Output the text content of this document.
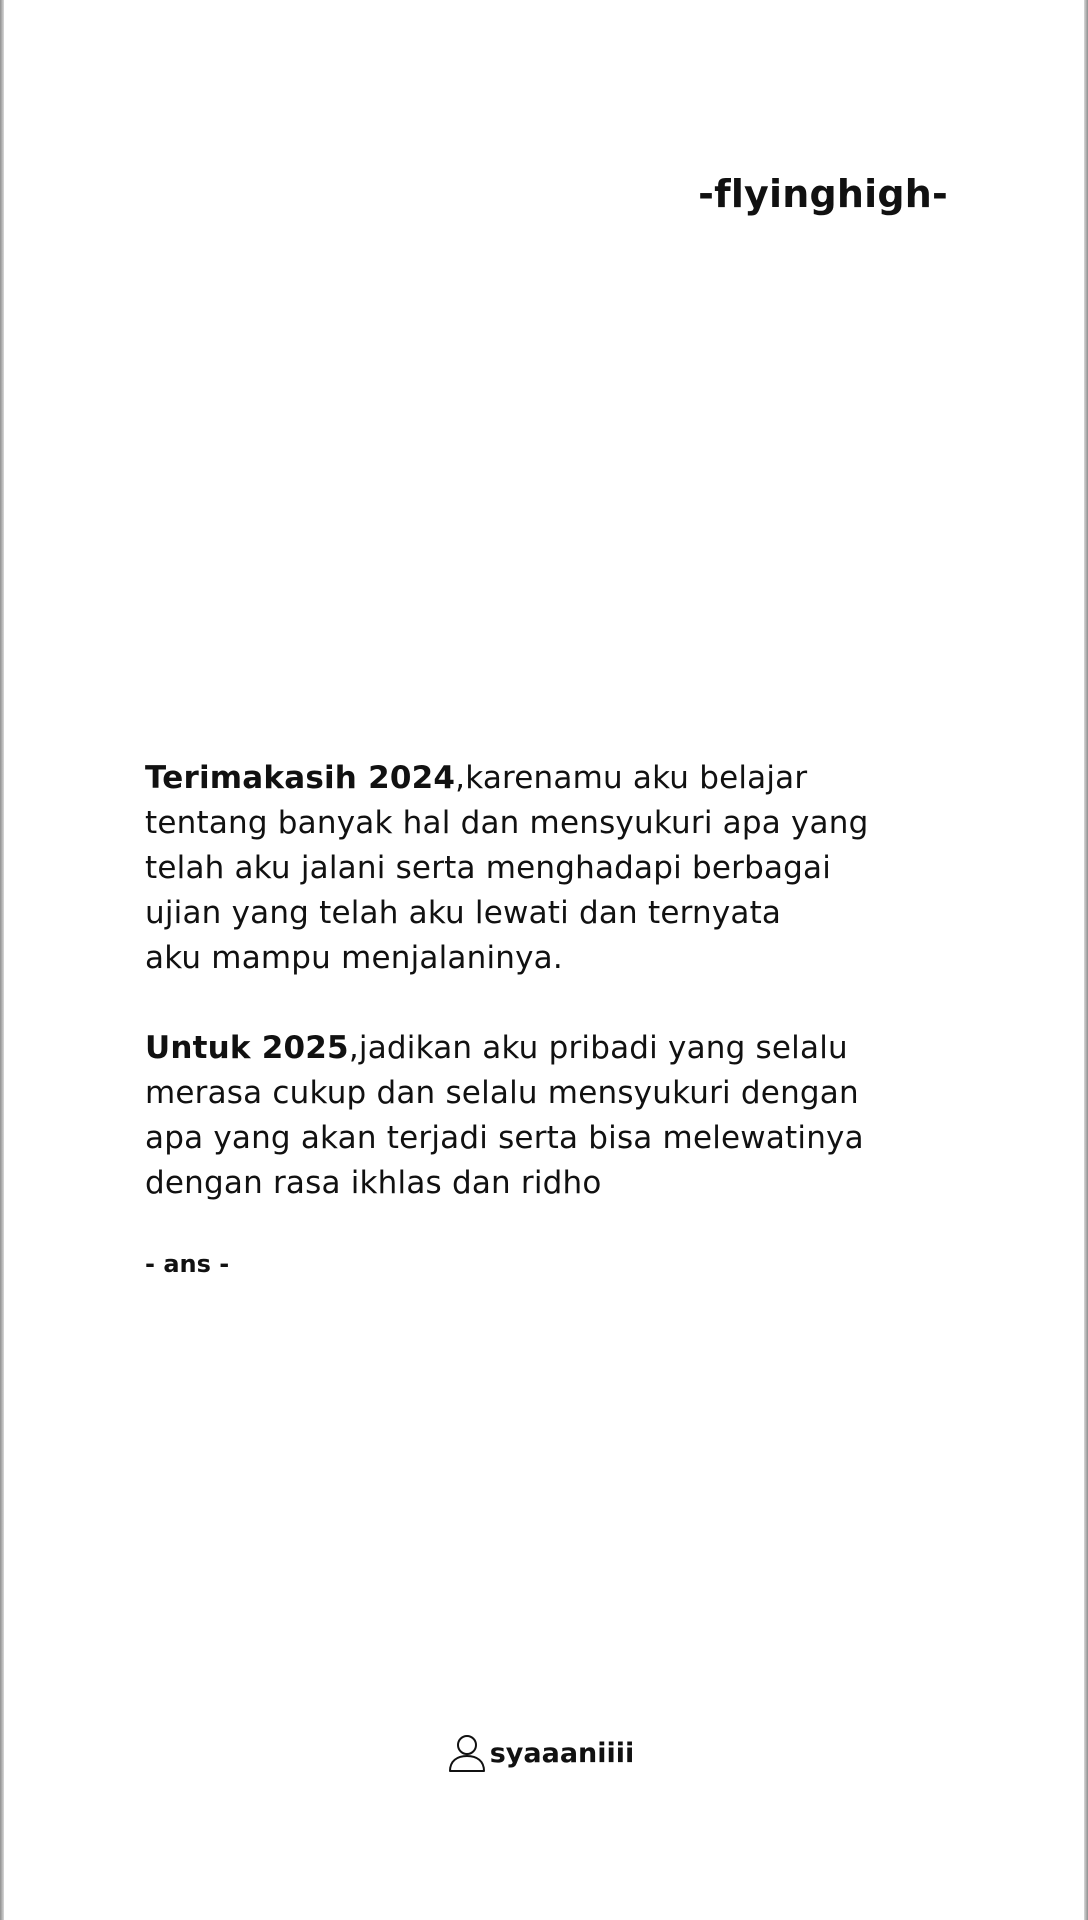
-flyinghigh-

Terimakasih 2024,karenamu aku belajar
tentang banyak hal dan mensyukuri apa yang
telah aku jalani serta menghadapi berbagai
ujian yang telah aku lewati dan ternyata
aku mampu menjalaninya.

Untuk 2025,jadikan aku pribadi yang selalu
merasa cukup dan selalu mensyukuri dengan
apa yang akan terjadi serta bisa melewatinya
dengan rasa ikhlas dan ridho

- ans -
syaaaniiii
